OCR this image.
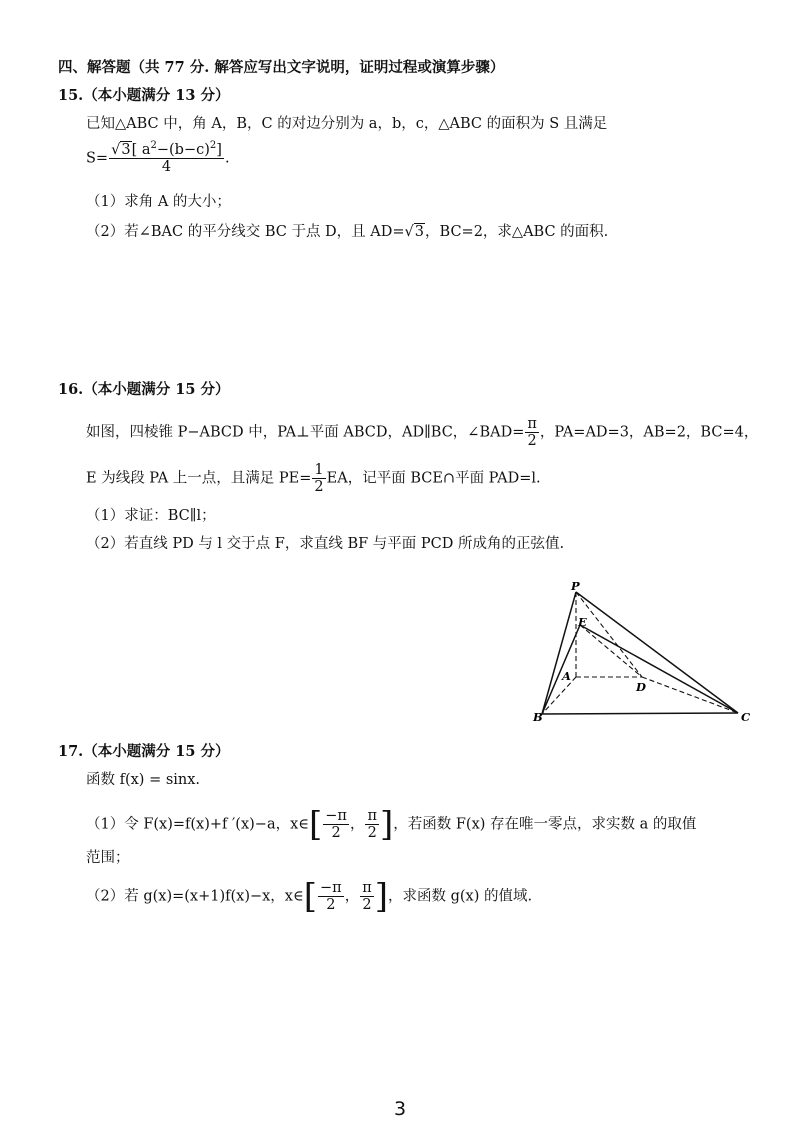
四、解答题（共 77 分. 解答应写出文字说明，证明过程或演算步骤）
15.（本小题满分 13 分）
已知△ABC 中，角 A，B，C 的对边分别为 a，b，c，△ABC 的面积为 S 且满足
$S= \frac{√3[ a^2-(b-c)^2]}{4}$ .
（1）求角 A 的大小；
（2）若∠BAC 的平分线交 BC 于点 D，且 AD=√3，BC=2，求△ABC 的面积.
16.（本小题满分 15 分）
如图，四棱锥 P−ABCD 中，PA⊥平面 ABCD，AD∥BC，∠BAD= $\frac{\pi}{2}$ ，PA=AD=3，AB=2，BC=4，
E 为线段 PA 上一点，且满足 $PE= \frac{1}{2}$ EA，记平面 BCE∩平面 PAD=l.
（1）求证：BC∥l；
（2）若直线 PD 与 l 交于点 F，求直线 BF 与平面 PCD 所成角的正弦值.
P
E
A
D
B	C
17.（本小题满分 15 分）
函数 f(x) = sinx.
（1）令 F(x)=f(x)+f ′(x)−a，x∈[ $\frac{-\pi}{2}$ ， $\frac{\pi}{2}$ ]，若函数 F(x) 存在唯一零点，求实数 a 的取值
范围；
（2）若 g(x)=(x+1)f(x)−x，x∈[ $\frac{-\pi}{2}$ ， $\frac{\pi}{2}$ ]，求函数 g(x) 的值域.
3
